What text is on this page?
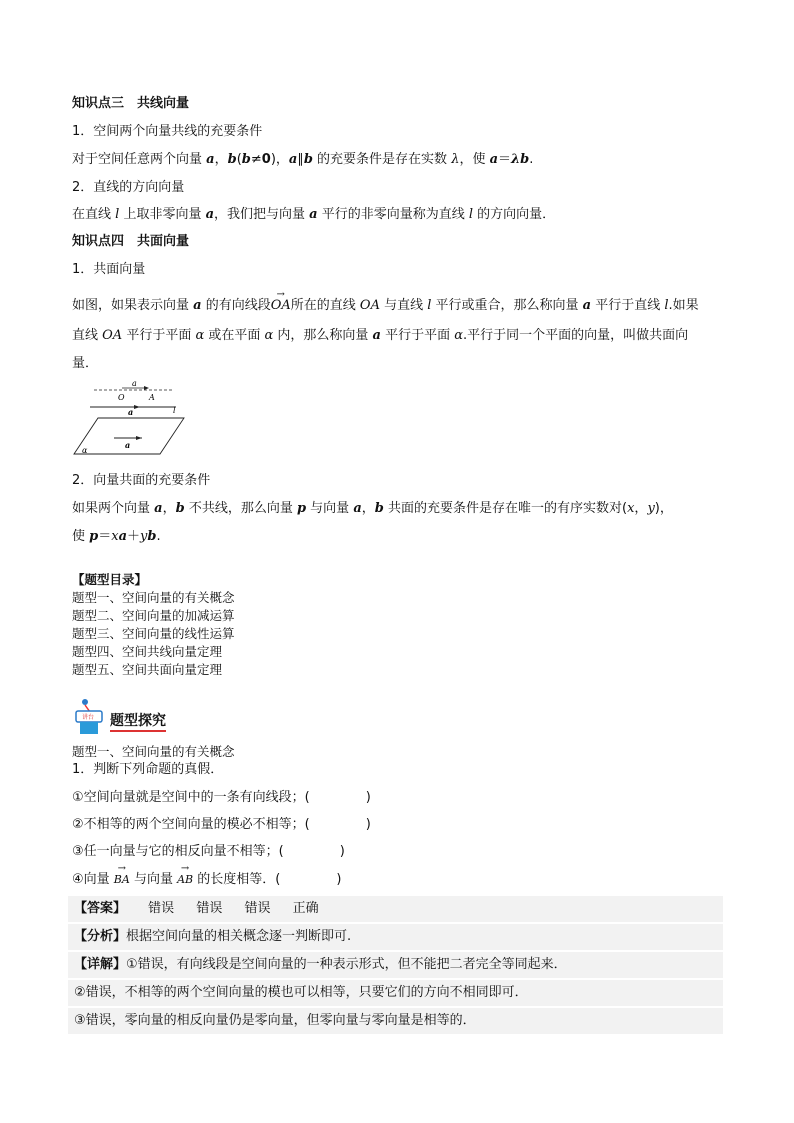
知识点三　共线向量
1．空间两个向量共线的充要条件
对于空间任意两个向量 a，b(b≠0)，a∥b 的充要条件是存在实数 λ，使 a＝λb.
2．直线的方向向量
在直线 l 上取非零向量 a，我们把与向量 a 平行的非零向量称为直线 l 的方向向量．
知识点四　共面向量
1．共面向量
如图，如果表示向量 a 的有向线段→ OA所在的直线 OA 与直线 l 平行或重合，那么称向量 a 平行于直线 l.如果
直线 OA 平行于平面 α 或在平面 α 内，那么称向量 a 平行于平面 α.平行于同一个平面的向量，叫做共面向
量．
a
O	A
l
a
a
α
2．向量共面的充要条件
如果两个向量 a，b 不共线，那么向量 p 与向量 a，b 共面的充要条件是存在唯一的有序实数对(x，y)，
使 p＝xa＋yb.
【题型目录】
题型一、空间向量的有关概念
题型二、空间向量的加减运算
题型三、空间向量的线性运算
题型四、空间共线向量定理
题型五、空间共面向量定理
讲台 题型探究
题型一、空间向量的有关概念
1．判断下列命题的真假．
①空间向量就是空间中的一条有向线段；(	)
②不相等的两个空间向量的模必不相等；(	)
③任一向量与它的相反向量不相等；(	)
④向量 → BA 与向量 → AB 的长度相等．(	)
【答案】 错误 错误 错误 正确
【分析】根据空间向量的相关概念逐一判断即可.
【详解】①错误，有向线段是空间向量的一种表示形式，但不能把二者完全等同起来．
②错误，不相等的两个空间向量的模也可以相等，只要它们的方向不相同即可．
③错误，零向量的相反向量仍是零向量，但零向量与零向量是相等的．
